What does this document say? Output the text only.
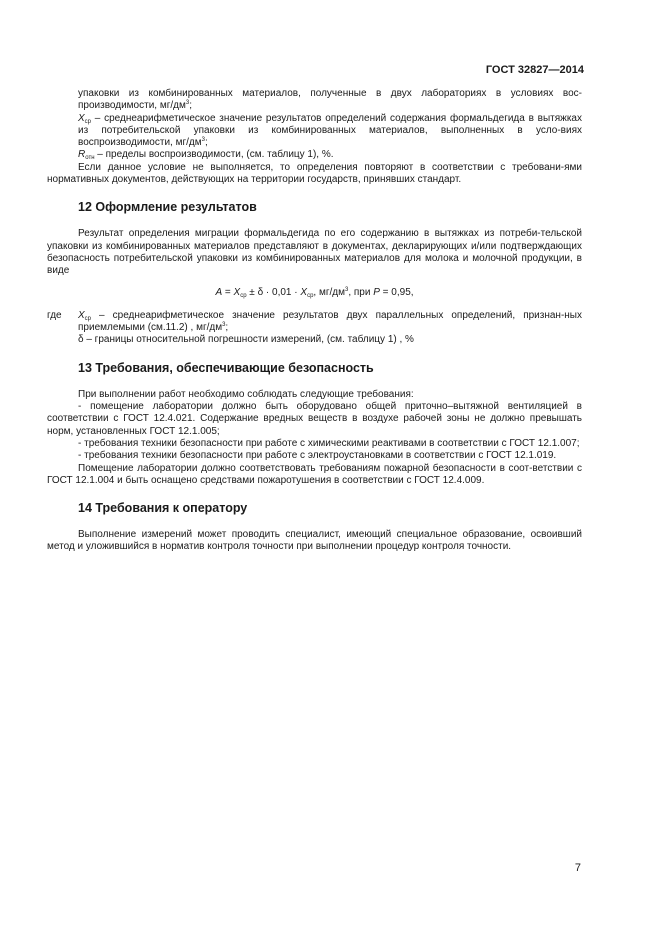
ГОСТ 32827—2014

упаковки из комбинированных материалов, полученные в двух лабораториях в условиях вос-производимости, $мг/дм^3$;

$X_{ср}$ – среднеарифметическое значение результатов определений содержания формальдегида в вытяжках из потребительской упаковки из комбинированных материалов, выполненных в усло-виях воспроизводимости, $мг/дм^3$;

$R_{отн}$ – пределы воспроизводимости, (см. таблицу 1), %.

Если данное условие не выполняется, то определения повторяют в соответствии с требовани-ями нормативных документов, действующих на территории государств, принявших стандарт.

12 Оформление результатов

Результат определения миграции формальдегида по его содержанию в вытяжках из потреби-тельской упаковки из комбинированных материалов представляют в документах, декларирующих и/или подтверждающих безопасность потребительской упаковки из комбинированных материалов для молока и молочной продукции, в виде

$A = X_{ср} \pm \delta \cdot 0,01 \cdot X_{ср}$, $мг/дм^3$, при P = 0,95,

где	$X_{ср}$ – среднеарифметическое значение результатов двух параллельных определений, признан-ных приемлемыми (см.11.2) , $мг/дм^3$;

δ – границы относительной погрешности измерений, (см. таблицу 1) , %

13 Требования, обеспечивающие безопасность

При выполнении работ необходимо соблюдать следующие требования:

- помещение лаборатории должно быть оборудовано общей приточно–вытяжной вентиляцией в соответствии с ГОСТ 12.4.021. Содержание вредных веществ в воздухе рабочей зоны не должно превышать норм, установленных ГОСТ 12.1.005;

- требования техники безопасности при работе с химическими реактивами в соответствии с ГОСТ 12.1.007;

- требования техники безопасности при работе с электроустановками в соответствии с ГОСТ 12.1.019.

Помещение лаборатории должно соответствовать требованиям пожарной безопасности в соот-ветствии с ГОСТ 12.1.004 и быть оснащено средствами пожаротушения в соответствии с ГОСТ 12.4.009.

14 Требования к оператору

Выполнение измерений может проводить специалист, имеющий специальное образование, освоивший метод и уложившийся в норматив контроля точности при выполнении процедур контроля точности.

7
